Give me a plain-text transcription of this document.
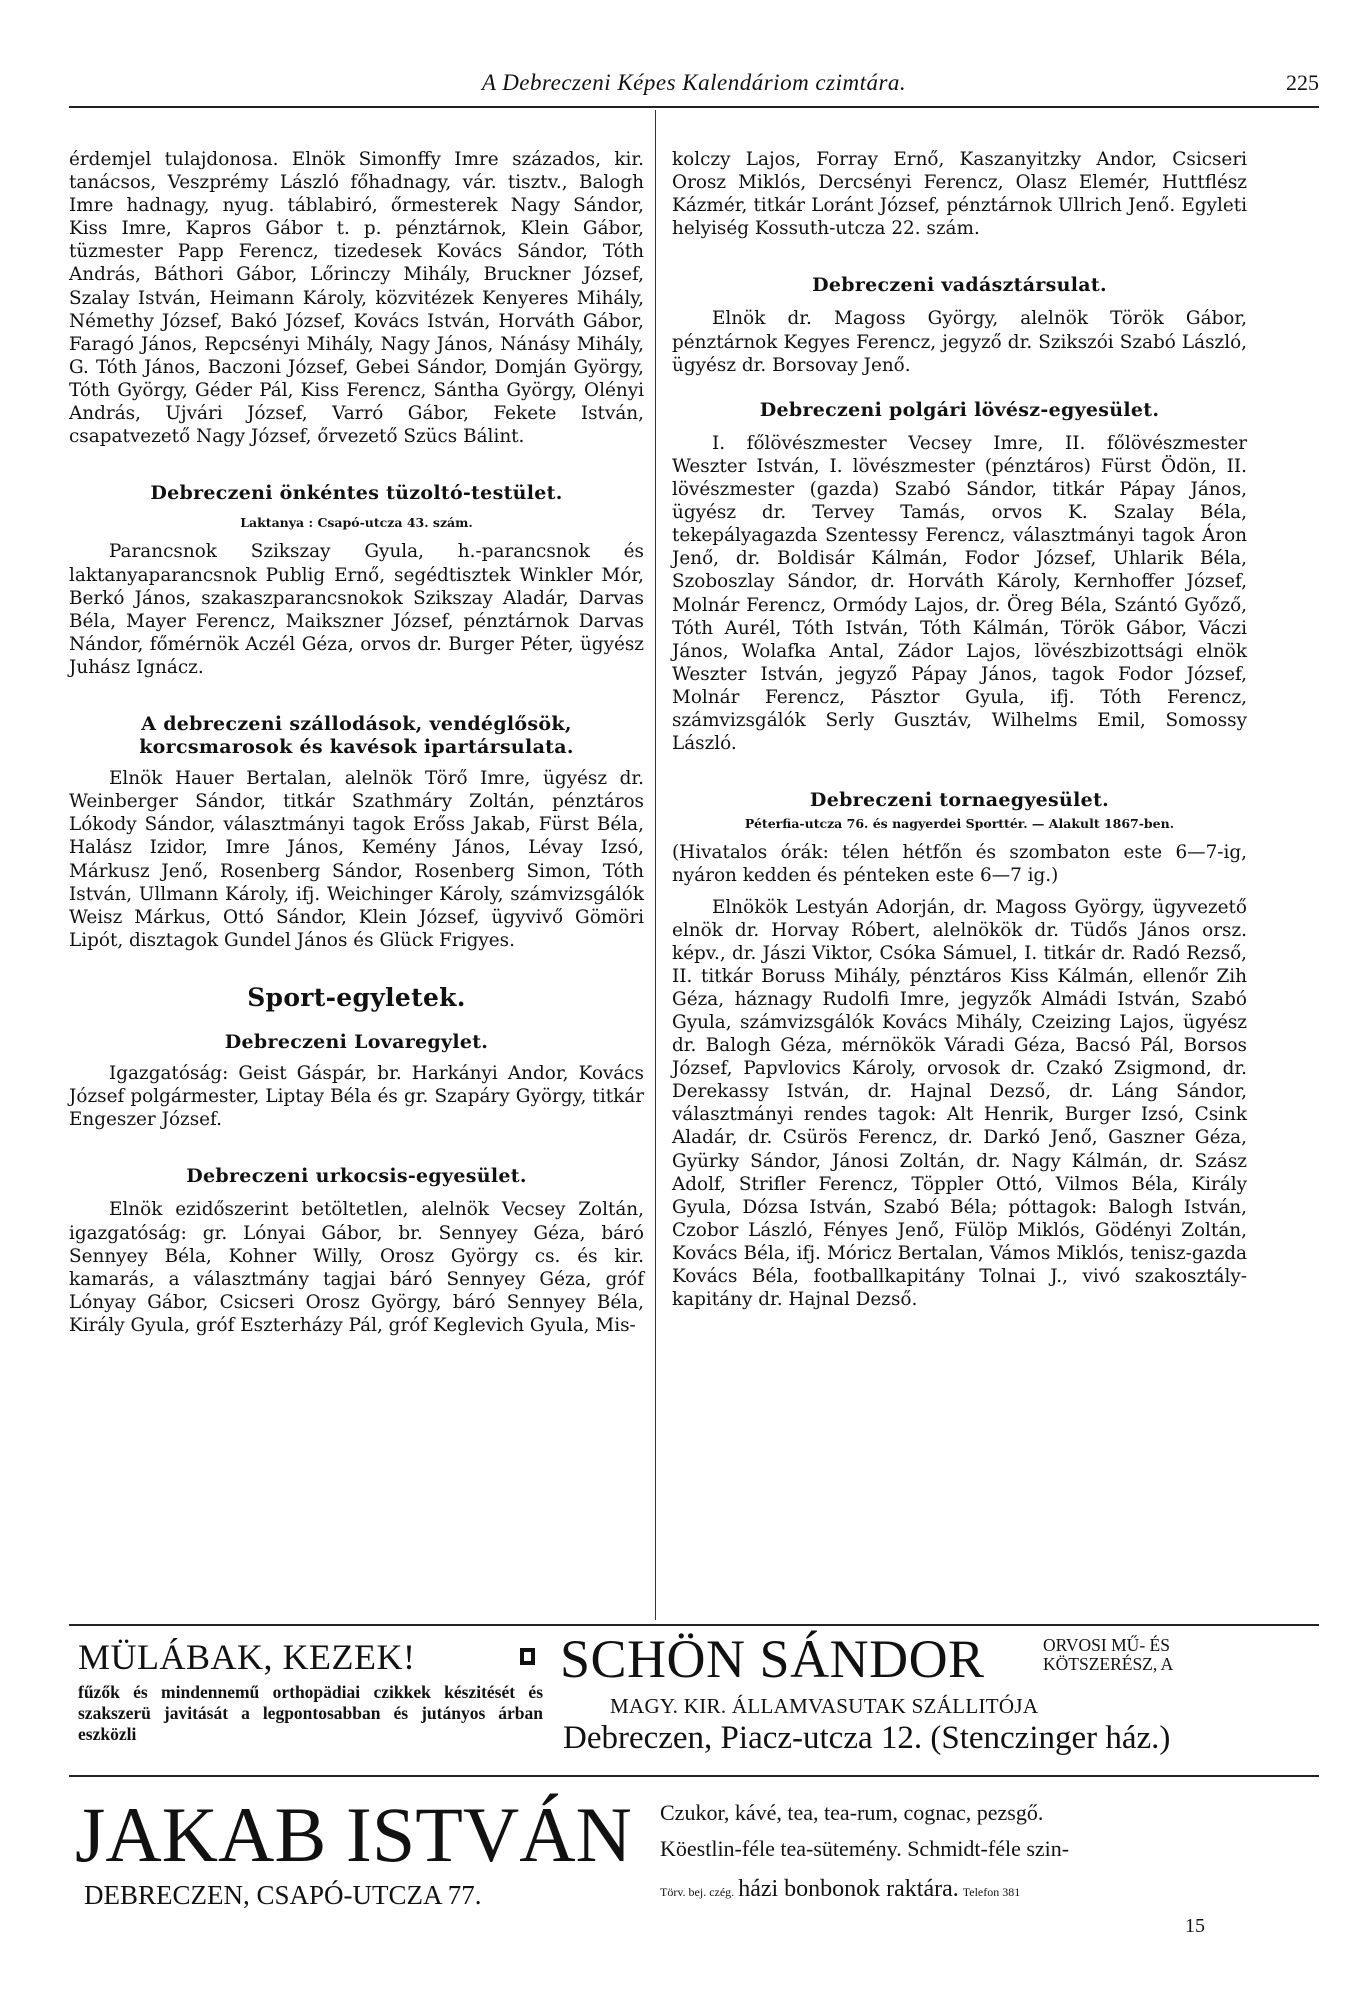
A Debreczeni Képes Kalendáriom czimtára.	225

érdemjel tulajdonosa. Elnök Simonffy Imre százados, kir. tanácsos, Veszprémy László főhadnagy, vár. tisztv., Balogh Imre hadnagy, nyug. táblabiró, őrmesterek Nagy Sándor, Kiss Imre, Kapros Gábor t. p. pénztárnok, Klein Gábor, tüzmester Papp Ferencz, tizedesek Kovács Sándor, Tóth András, Báthori Gábor, Lőrinczy Mihály, Bruckner József, Szalay István, Heimann Károly, közvitézek Kenyeres Mihály, Némethy József, Bakó József, Kovács István, Horváth Gábor, Faragó János, Repcsényi Mihály, Nagy János, Nánásy Mihály, G. Tóth János, Baczoni József, Gebei Sándor, Domján György, Tóth György, Géder Pál, Kiss Ferencz, Sántha György, Olényi András, Ujvári József, Varró Gábor, Fekete István, csapatvezető Nagy József, őrvezető Szücs Bálint.

Debreczeni önkéntes tüzoltó-testület.

Laktanya : Csapó-utcza 43. szám.

Parancsnok Szikszay Gyula, h.-parancsnok és laktanyaparancsnok Publig Ernő, segédtisztek Winkler Mór, Berkó János, szakaszparancsnokok Szikszay Aladár, Darvas Béla, Mayer Ferencz, Maikszner József, pénztárnok Darvas Nándor, főmérnök Aczél Géza, orvos dr. Burger Péter, ügyész Juhász Ignácz.

A debreczeni szállodások, vendéglősök,

korcsmarosok és kavésok ipartársulata.

Elnök Hauer Bertalan, alelnök Törő Imre, ügyész dr. Weinberger Sándor, titkár Szathmáry Zoltán, pénztáros Lókody Sándor, választmányi tagok Erőss Jakab, Fürst Béla, Halász Izidor, Imre János, Kemény János, Lévay Izsó, Márkusz Jenő, Rosenberg Sándor, Rosenberg Simon, Tóth István, Ullmann Károly, ifj. Weichinger Károly, számvizsgálók Weisz Márkus, Ottó Sándor, Klein József, ügyvivő Gömöri Lipót, disztagok Gundel János és Glück Frigyes.

Sport-egyletek.

Debreczeni Lovaregylet.

Igazgatóság: Geist Gáspár, br. Harkányi Andor, Kovács József polgármester, Liptay Béla és gr. Szapáry György, titkár Engeszer József.

Debreczeni urkocsis-egyesület.

Elnök ezidőszerint betöltetlen, alelnök Vecsey Zoltán, igazgatóság: gr. Lónyai Gábor, br. Sennyey Géza, báró Sennyey Béla, Kohner Willy, Orosz György cs. és kir. kamarás, a választmány tagjai báró Sennyey Géza, gróf Lónyay Gábor, Csicseri Orosz György, báró Sennyey Béla, Király Gyula, gróf Eszterházy Pál, gróf Keglevich Gyula, Mis-

kolczy Lajos, Forray Ernő, Kaszanyitzky Andor, Csicseri Orosz Miklós, Dercsényi Ferencz, Olasz Elemér, Huttflész Kázmér, titkár Loránt József, pénztárnok Ullrich Jenő. Egyleti helyiség Kossuth-utcza 22. szám.

Debreczeni vadásztársulat.

Elnök dr. Magoss György, alelnök Török Gábor, pénztárnok Kegyes Ferencz, jegyző dr. Szikszói Szabó László, ügyész dr. Borsovay Jenő.

Debreczeni polgári lövész-egyesület.

I. főlövészmester Vecsey Imre, II. főlövészmester Weszter István, I. lövészmester (pénztáros) Fürst Ödön, II. lövészmester (gazda) Szabó Sándor, titkár Pápay János, ügyész dr. Tervey Tamás, orvos K. Szalay Béla, tekepályagazda Szentessy Ferencz, választmányi tagok Áron Jenő, dr. Boldisár Kálmán, Fodor József, Uhlarik Béla, Szoboszlay Sándor, dr. Horváth Károly, Kernhoffer József, Molnár Ferencz, Ormódy Lajos, dr. Öreg Béla, Szántó Győző, Tóth Aurél, Tóth István, Tóth Kálmán, Török Gábor, Váczi János, Wolafka Antal, Zádor Lajos, lövészbizottsági elnök Weszter István, jegyző Pápay János, tagok Fodor József, Molnár Ferencz, Pásztor Gyula, ifj. Tóth Ferencz, számvizsgálók Serly Gusztáv, Wilhelms Emil, Somossy László.

Debreczeni tornaegyesület.

Péterfia-utcza 76. és nagyerdei Sporttér. — Alakult 1867-ben.

(Hivatalos órák: télen hétfőn és szombaton este 6—7-ig, nyáron kedden és pénteken este 6—7 ig.)

Elnökök Lestyán Adorján, dr. Magoss György, ügyvezető elnök dr. Horvay Róbert, alelnökök dr. Tüdős János orsz. képv., dr. Jászi Viktor, Csóka Sámuel, I. titkár dr. Radó Rezső, II. titkár Boruss Mihály, pénztáros Kiss Kálmán, ellenőr Zih Géza, háznagy Rudolfi Imre, jegyzők Almádi István, Szabó Gyula, számvizsgálók Kovács Mihály, Czeizing Lajos, ügyész dr. Balogh Géza, mérnökök Váradi Géza, Bacsó Pál, Borsos József, Papvlovics Károly, orvosok dr. Czakó Zsigmond, dr. Derekassy István, dr. Hajnal Dezső, dr. Láng Sándor, választmányi rendes tagok: Alt Henrik, Burger Izsó, Csink Aladár, dr. Csürös Ferencz, dr. Darkó Jenő, Gaszner Géza, Gyürky Sándor, Jánosi Zoltán, dr. Nagy Kálmán, dr. Szász Adolf, Strifler Ferencz, Töppler Ottó, Vilmos Béla, Király Gyula, Dózsa István, Szabó Béla; póttagok: Balogh István, Czobor László, Fényes Jenő, Fülöp Miklós, Gödényi Zoltán, Kovács Béla, ifj. Móricz Bertalan, Vámos Miklós, tenisz-gazda Kovács Béla, footballkapitány Tolnai J., vivó szakosztály-kapitány dr. Hajnal Dezső.

MÜLÁBAK, KEZEK!
fűzők és mindennemű orthopädiai czikkek készitését és szakszerü javitását a legpontosabban és jutányos árban eszközli
SCHÖN SÁNDOR	ORVOSI MŰ- ÉS
KÖTSZERÉSZ, A
MAGY. KIR. ÁLLAMVASUTAK SZÁLLITÓJA
Debreczen, Piacz-utcza 12. (Stenczinger ház.)
JAKAB ISTVÁN
DEBRECZEN, CSAPÓ-UTCZA 77.
Czukor, kávé, tea, tea-rum, cognac, pezsgő.
Köestlin-féle tea-sütemény. Schmidt-féle szin-
Törv. bej. czég. házi bonbonok raktára. Telefon 381
15
